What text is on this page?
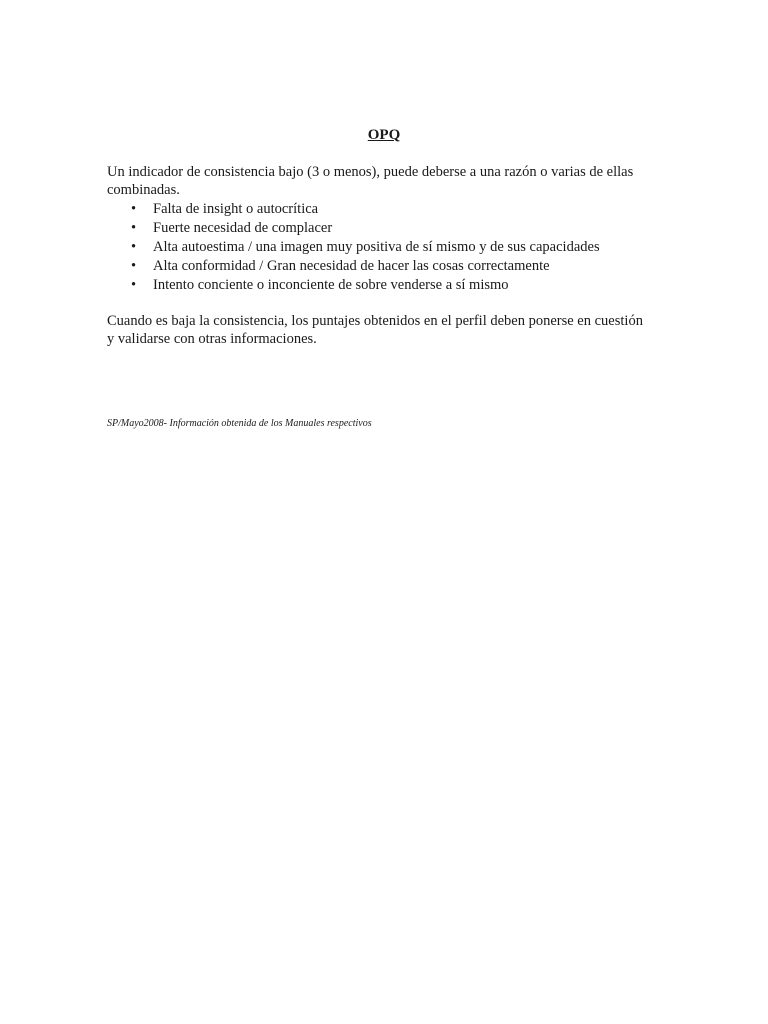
OPQ

Un indicador de consistencia bajo (3 o menos), puede deberse a una razón o varias de ellas combinadas.

• Falta de insight o autocrítica
• Fuerte necesidad de complacer
• Alta autoestima / una imagen muy positiva de sí mismo y de sus capacidades
• Alta conformidad / Gran necesidad de hacer las cosas correctamente
• Intento conciente o inconciente de sobre venderse a sí mismo

Cuando es baja la consistencia, los puntajes obtenidos en el perfil deben ponerse en cuestión y validarse con otras informaciones.

SP/Mayo2008- Información obtenida de los Manuales respectivos
